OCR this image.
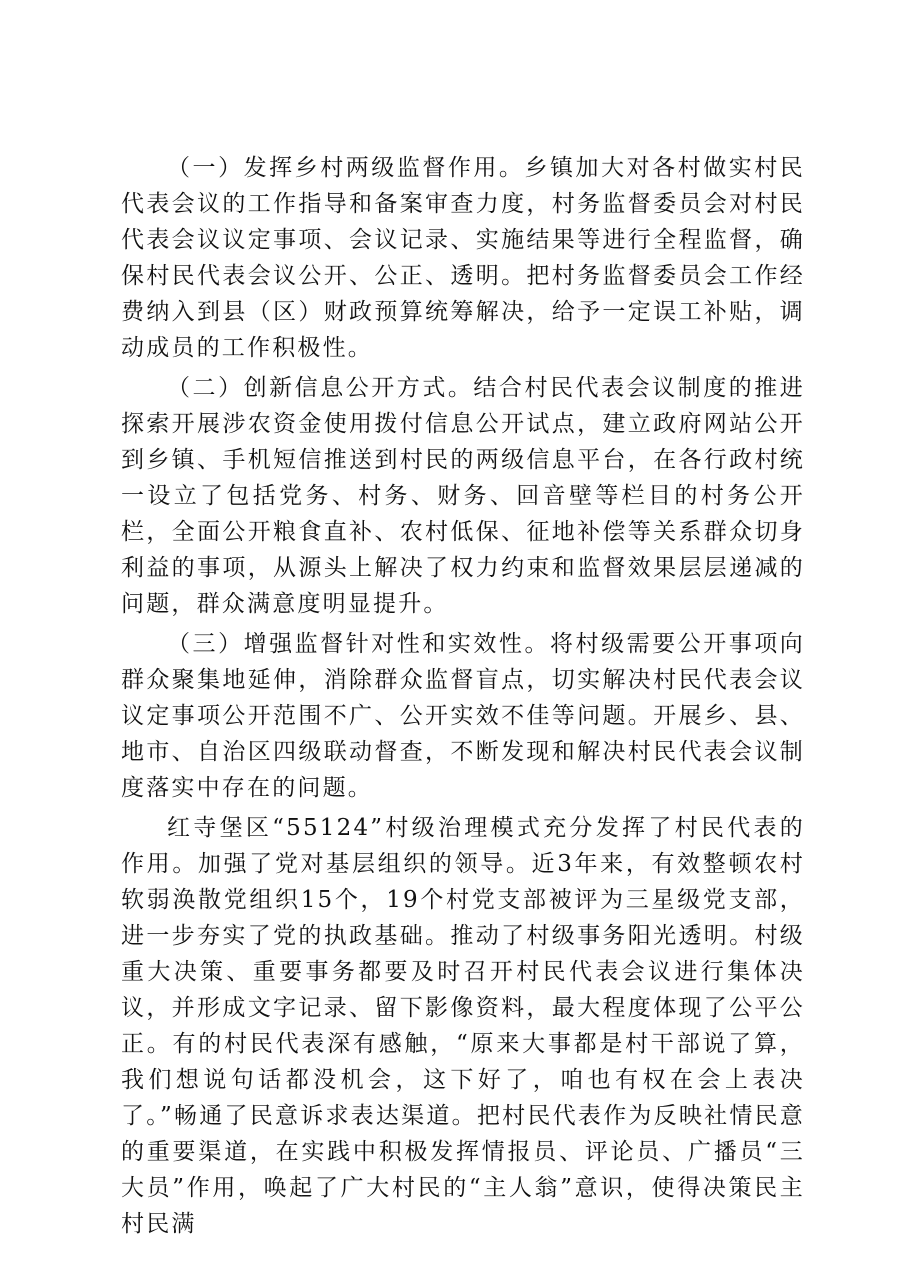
（一）发挥乡村两级监督作用。乡镇加大对各村做实村民代表会议的工作指导和备案审查力度，村务监督委员会对村民代表会议议定事项、会议记录、实施结果等进行全程监督，确保村民代表会议公开、公正、透明。把村务监督委员会工作经费纳入到县（区）财政预算统筹解决，给予一定误工补贴，调动成员的工作积极性。

（二）创新信息公开方式。结合村民代表会议制度的推进探索开展涉农资金使用拨付信息公开试点，建立政府网站公开到乡镇、手机短信推送到村民的两级信息平台，在各行政村统一设立了包括党务、村务、财务、回音壁等栏目的村务公开栏，全面公开粮食直补、农村低保、征地补偿等关系群众切身利益的事项，从源头上解决了权力约束和监督效果层层递减的问题，群众满意度明显提升。

（三）增强监督针对性和实效性。将村级需要公开事项向群众聚集地延伸，消除群众监督盲点，切实解决村民代表会议议定事项公开范围不广、公开实效不佳等问题。开展乡、县、地市、自治区四级联动督查，不断发现和解决村民代表会议制度落实中存在的问题。

红寺堡区“55124”村级治理模式充分发挥了村民代表的作用。加强了党对基层组织的领导。近3年来，有效整顿农村软弱涣散党组织15个，19个村党支部被评为三星级党支部，进一步夯实了党的执政基础。推动了村级事务阳光透明。村级重大决策、重要事务都要及时召开村民代表会议进行集体决议，并形成文字记录、留下影像资料，最大程度体现了公平公正。有的村民代表深有感触，“原来大事都是村干部说了算，我们想说句话都没机会，这下好了，咱也有权在会上表决了。”畅通了民意诉求表达渠道。把村民代表作为反映社情民意的重要渠道，在实践中积极发挥情报员、评论员、广播员“三大员”作用，唤起了广大村民的“主人翁”意识，使得决策民主村民满
